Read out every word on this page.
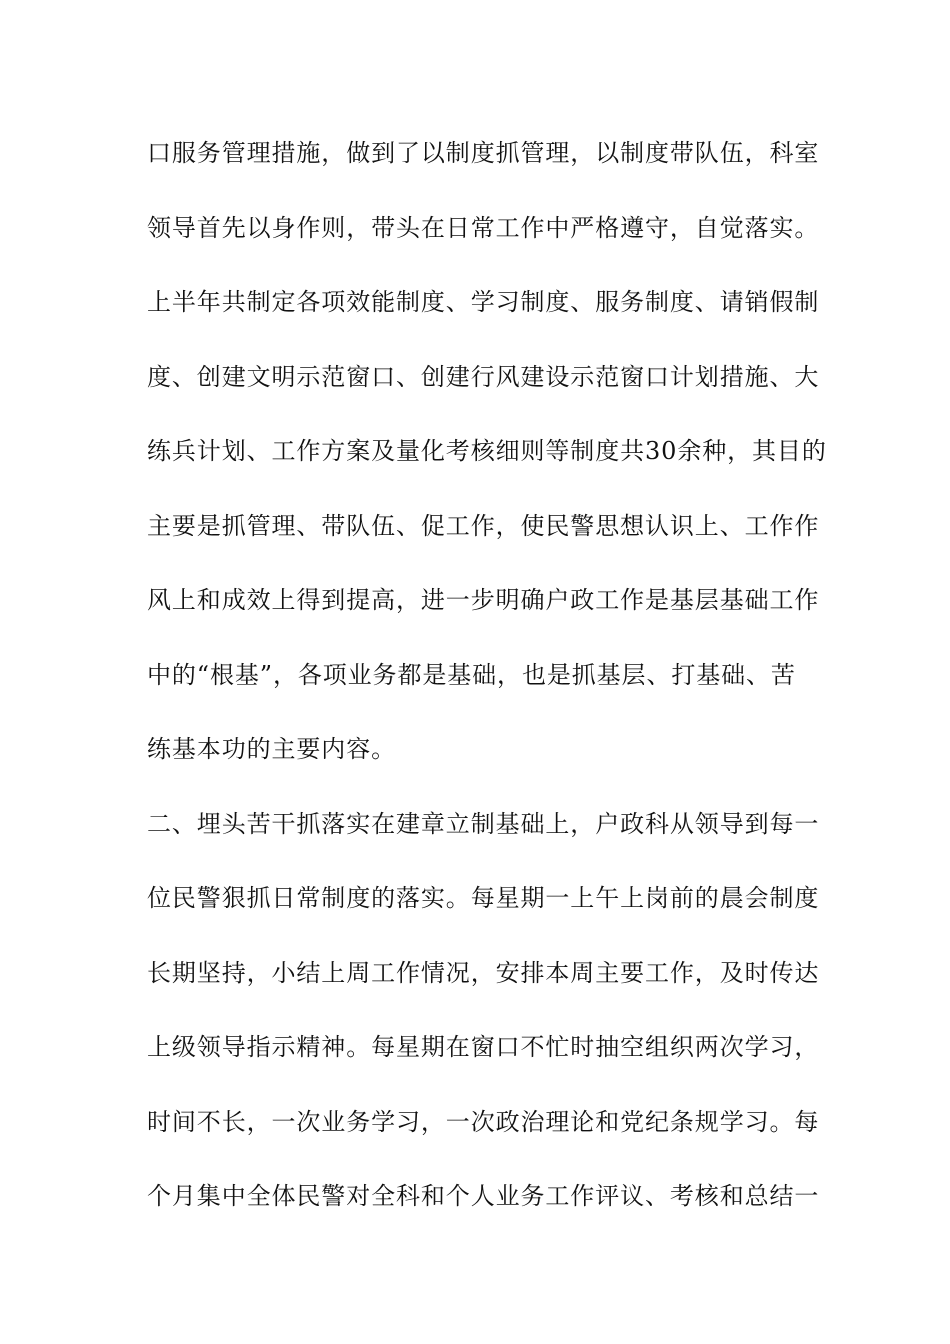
口服务管理措施，做到了以制度抓管理，以制度带队伍，科室
领导首先以身作则，带头在日常工作中严格遵守，自觉落实。
上半年共制定各项效能制度、学习制度、服务制度、请销假制
度、创建文明示范窗口、创建行风建设示范窗口计划措施、大
练兵计划、工作方案及量化考核细则等制度共30余种，其目的
主要是抓管理、带队伍、促工作，使民警思想认识上、工作作
风上和成效上得到提高，进一步明确户政工作是基层基础工作
中的“根基”，各项业务都是基础，也是抓基层、打基础、苦
练基本功的主要内容。
二、埋头苦干抓落实在建章立制基础上，户政科从领导到每一
位民警狠抓日常制度的落实。每星期一上午上岗前的晨会制度
长期坚持，小结上周工作情况，安排本周主要工作，及时传达
上级领导指示精神。每星期在窗口不忙时抽空组织两次学习，
时间不长，一次业务学习，一次政治理论和党纪条规学习。每
个月集中全体民警对全科和个人业务工作评议、考核和总结一
